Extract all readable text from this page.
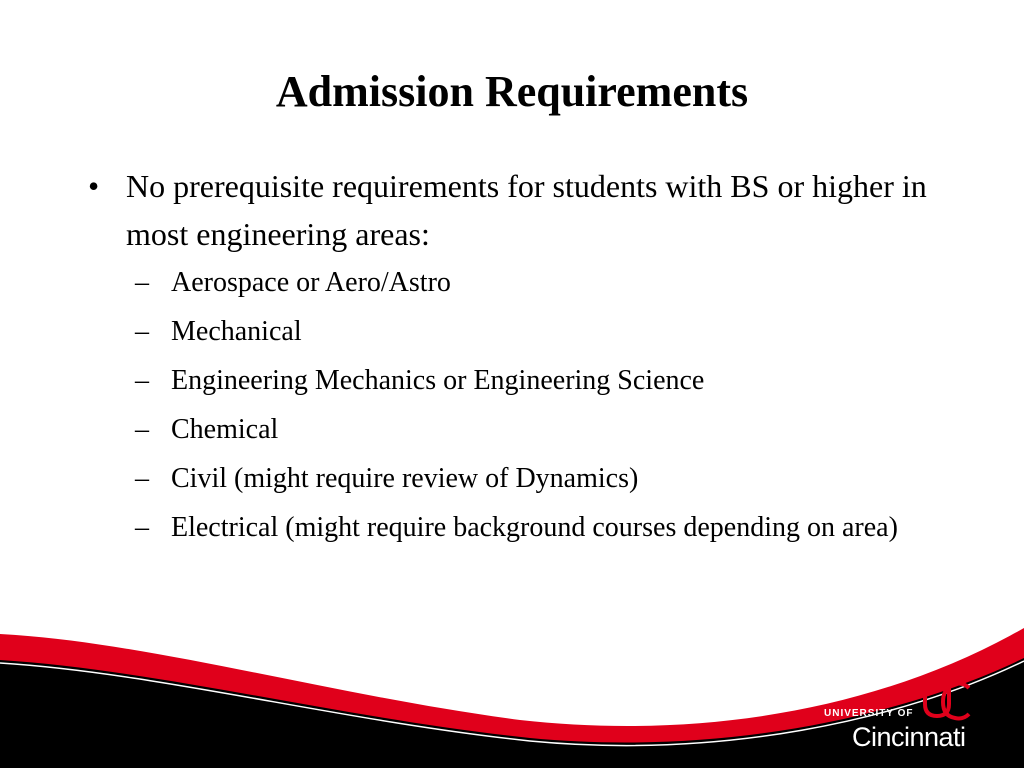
Admission Requirements
• No prerequisite requirements for students with BS or higher in most engineering areas:
– Aerospace or Aero/Astro
– Mechanical
– Engineering Mechanics or Engineering Science
– Chemical
– Civil (might require review of Dynamics)
– Electrical (might require background courses depending on area)
UNIVERSITY OF
Cincinnati
